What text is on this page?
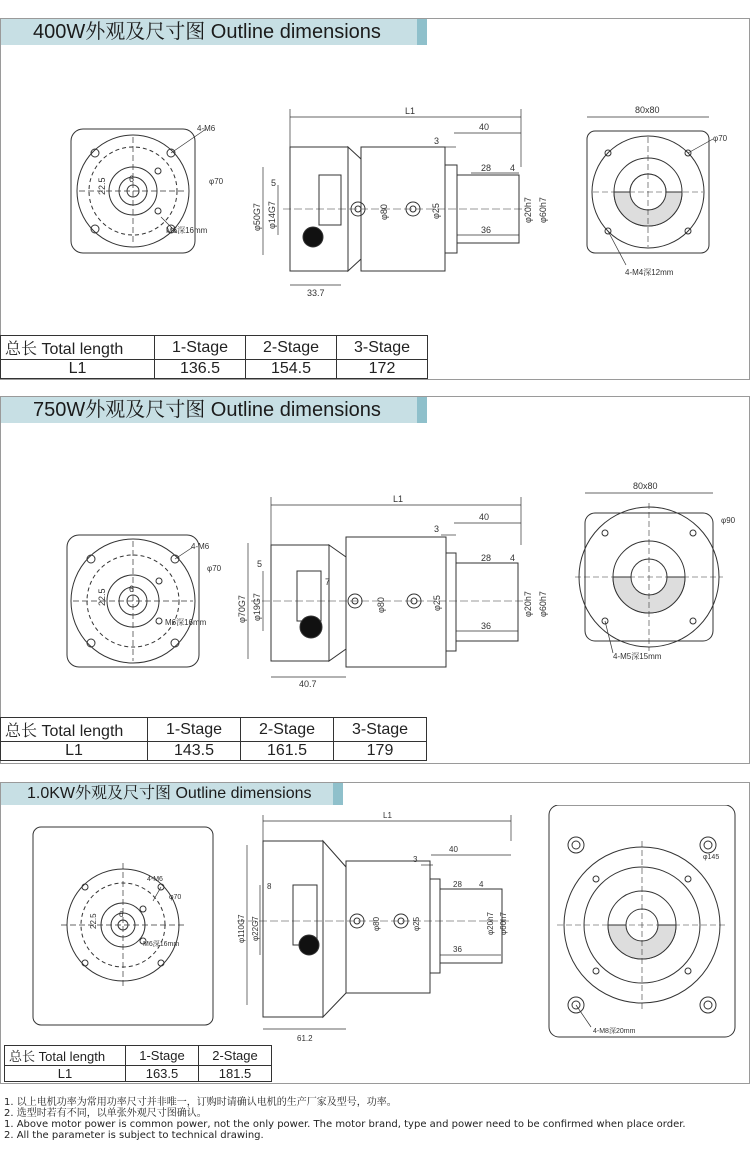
400W外观及尺寸图 Outline dimensions
4-M6
φ70
6
22.5
M6深16mm
L1
40
3
28 4
5
φ50G7 φ14G7	φ80	φ25	φ20h7 φ60h7
36
33.7
80x80
φ70
4-M4深12mm
总长 Total length	1-Stage	2-Stage	3-Stage
L1	136.5	154.5	172
750W外观及尺寸图 Outline dimensions
4-M6
φ70
6
22.5
M6深16mm
L1
40
3
28 4
5
7
φ70G7 φ19G7	φ80	φ25	φ20h7 φ60h7
36
40.7
80x80
φ90
4-M5深15mm
总长 Total length	1-Stage	2-Stage	3-Stage
L1	143.5	161.5	179
1.0KW外观及尺寸图 Outline dimensions
4-M6
φ70
6
22.5
M6深16mm
L1
40
3
28 4
8
φ110G7 φ22G7	φ80	φ25	φ20h7 φ60h7
36
61.2
φ145
4-M8深20mm
总长 Total length	1-Stage	2-Stage
L1	163.5	181.5
1. 以上电机功率为常用功率尺寸并非唯一，订购时请确认电机的生产厂家及型号，功率。
2. 选型时若有不同，以单张外观尺寸图确认。
1. Above motor power is common power, not the only power. The motor brand, type and power need to be confirmed when place order.
2. All the parameter is subject to technical drawing.
